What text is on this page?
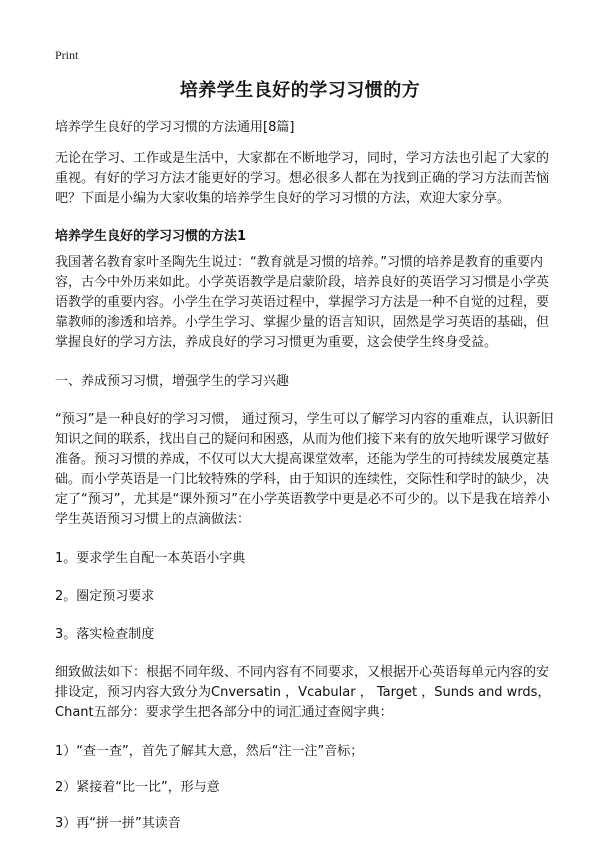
Print
培养学生良好的学习习惯的方

培养学生良好的学习习惯的方法通用[8篇]

无论在学习、工作或是生活中，大家都在不断地学习，同时，学习方法也引起了大家的重视。有好的学习方法才能更好的学习。想必很多人都在为找到正确的学习方法而苦恼吧？下面是小编为大家收集的培养学生良好的学习习惯的方法，欢迎大家分享。

培养学生良好的学习习惯的方法1

我国著名教育家叶圣陶先生说过：“教育就是习惯的培养。”习惯的培养是教育的重要内容，古今中外历来如此。小学英语教学是启蒙阶段，培养良好的英语学习习惯是小学英语教学的重要内容。小学生在学习英语过程中，掌握学习方法是一种不自觉的过程，要靠教师的渗透和培养。小学生学习、掌握少量的语言知识，固然是学习英语的基础，但掌握良好的学习方法，养成良好的学习习惯更为重要，这会使学生终身受益。

一、养成预习习惯，增强学生的学习兴趣

“预习”是一种良好的学习习惯， 通过预习，学生可以了解学习内容的重难点，认识新旧知识之间的联系，找出自己的疑问和困惑，从而为他们接下来有的放矢地听课学习做好准备。预习习惯的养成，不仅可以大大提高课堂效率，还能为学生的可持续发展奠定基础。而小学英语是一门比较特殊的学科，由于知识的连续性，交际性和学时的缺少，决定了“预习”，尤其是“课外预习”在小学英语教学中更是必不可少的。以下是我在培养小学生英语预习习惯上的点滴做法：

1。要求学生自配一本英语小字典

2。圈定预习要求

3。落实检查制度

细致做法如下：根据不同年级、不同内容有不同要求，又根据开心英语每单元内容的安排设定，预习内容大致分为Cnversatin ，Vcabular ， Target ，Sunds and wrds，Chant五部分：要求学生把各部分中的词汇通过查阅字典：

1）“查一查”，首先了解其大意，然后“注一注”音标；

2）紧接着“比一比”，形与意

3）再“拼一拼”其读音
